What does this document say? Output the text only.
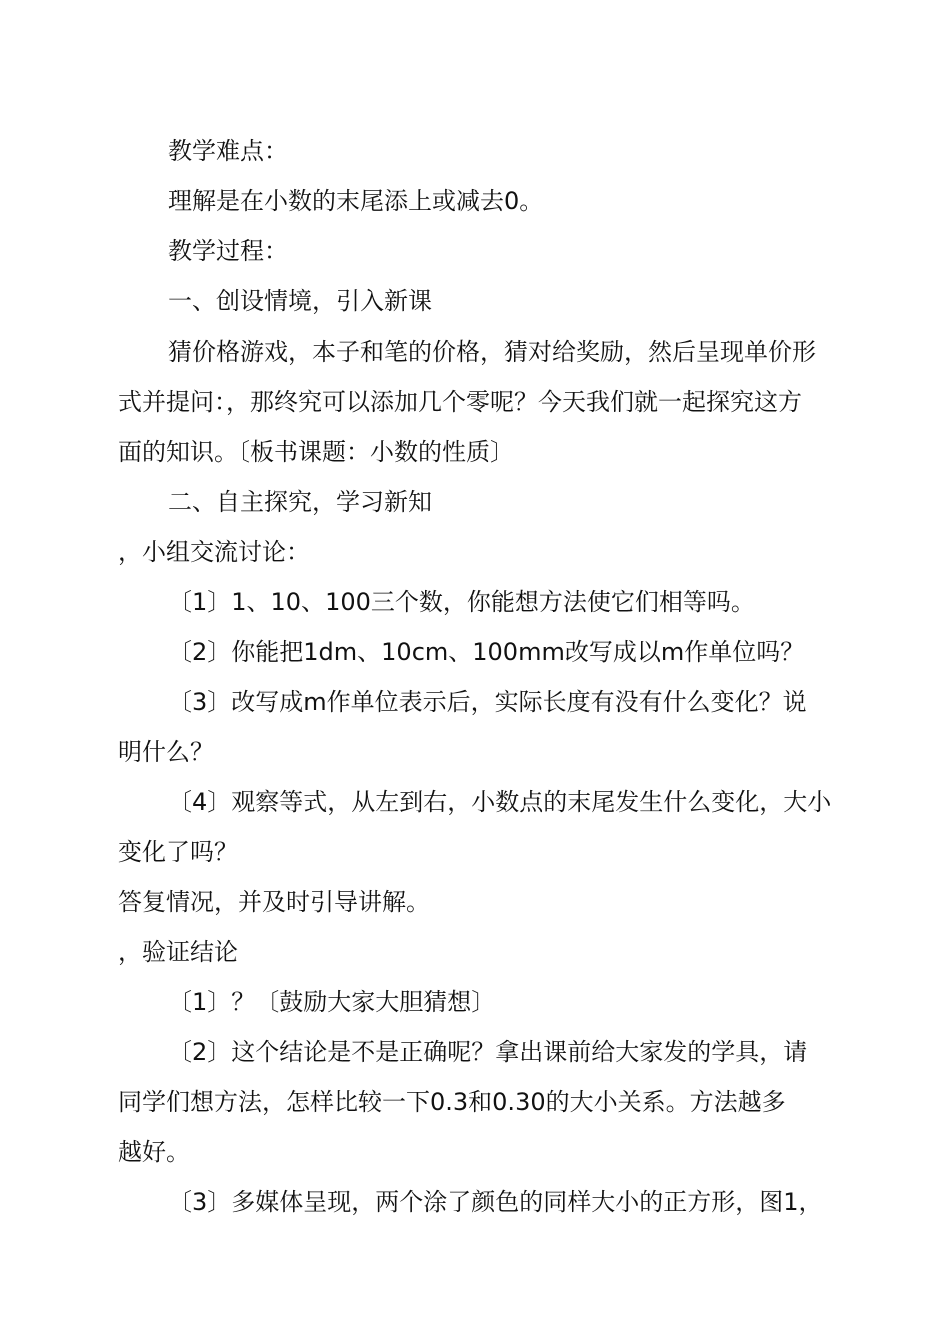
教学难点：
理解是在小数的末尾添上或减去0。
教学过程：
一、创设情境，引入新课
猜价格游戏，本子和笔的价格，猜对给奖励，然后呈现单价形
式并提问：，那终究可以添加几个零呢？今天我们就一起探究这方
面的知识。〔板书课题：小数的性质〕
二、自主探究，学习新知
，小组交流讨论：
〔1〕1、10、100三个数，你能想方法使它们相等吗。
〔2〕你能把1dm、10cm、100mm改写成以m作单位吗？
〔3〕改写成m作单位表示后，实际长度有没有什么变化？说
明什么？
〔4〕观察等式，从左到右，小数点的末尾发生什么变化，大小
变化了吗？
答复情况，并及时引导讲解。
，验证结论
〔1〕？〔鼓励大家大胆猜想〕
〔2〕这个结论是不是正确呢？拿出课前给大家发的学具，请
同学们想方法，怎样比较一下0.3和0.30的大小关系。方法越多
越好。
〔3〕多媒体呈现，两个涂了颜色的同样大小的正方形，图1，
